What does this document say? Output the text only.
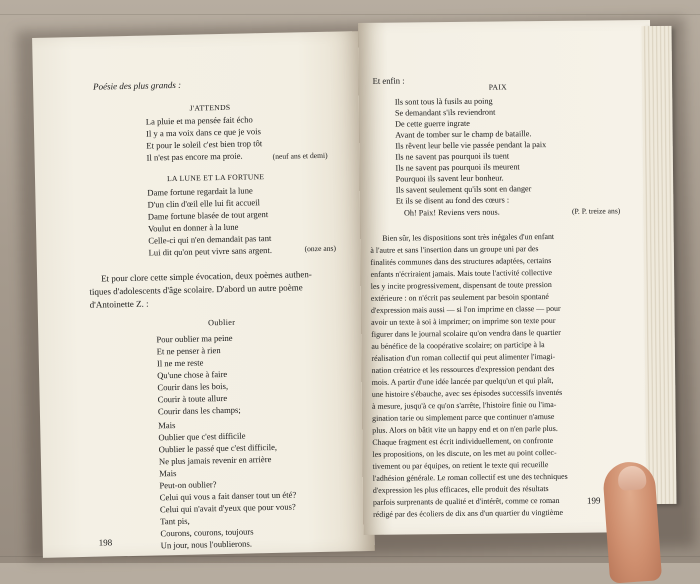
Poésie des plus grands :
J'ATTENDS
La pluie et ma pensée fait écho
Il y a ma voix dans ce que je vois
Et pour le soleil c'est bien trop tôt
Il n'est pas encore ma proie.	(neuf ans et demi)
LA LUNE ET LA FORTUNE
Dame fortune regardait la lune
D'un clin d'œil elle lui fit accueil
Dame fortune blasée de tout argent
Voulut en donner à la lune
Celle-ci qui n'en demandait pas tant
Lui dit qu'on peut vivre sans argent.	(onze ans)
Et pour clore cette simple évocation, deux poèmes authen-
tiques d'adolescents d'âge scolaire. D'abord un autre poème
d'Antoinette Z. :
Oublier
Pour oublier ma peine
Et ne penser à rien
Il ne me reste
Qu'une chose à faire
Courir dans les bois,
Courir à toute allure
Courir dans les champs;
Mais
Oublier que c'est difficile
Oublier le passé que c'est difficile,
Ne plus jamais revenir en arrière
Mais
Peut-on oublier?
Celui qui vous a fait danser tout un été?
Celui qui n'avait d'yeux que pour vous?
Tant pis,
Courons, courons, toujours
Un jour, nous l'oublierons.
198
Et enfin :
PAIX
Ils sont tous là fusils au poing
Se demandant s'ils reviendront
De cette guerre ingrate
Avant de tomber sur le champ de bataille.
Ils rêvent leur belle vie passée pendant la paix
Ils ne savent pas pourquoi ils tuent
Ils ne savent pas pourquoi ils meurent
Pourquoi ils savent leur bonheur.
Ils savent seulement qu'ils sont en danger
Et ils se disent au fond des cœurs :
Oh! Paix! Reviens vers nous.	(P. P. treize ans)
Bien sûr, les dispositions sont très inégales d'un enfant
à l'autre et sans l'insertion dans un groupe uni par des
finalités communes dans des structures adaptées, certains
enfants n'écriraient jamais. Mais toute l'activité collective
les y incite progressivement, dispensant de toute pression
extérieure : on n'écrit pas seulement par besoin spontané
d'expression mais aussi — si l'on imprime en classe — pour
avoir un texte à soi à imprimer; on imprime son texte pour
figurer dans le journal scolaire qu'on vendra dans le quartier
au bénéfice de la coopérative scolaire; on participe à la
réalisation d'un roman collectif qui peut alimenter l'imagi-
nation créatrice et les ressources d'expression pendant des
mois. A partir d'une idée lancée par quelqu'un et qui plaît,
une histoire s'ébauche, avec ses épisodes successifs inventés
à mesure, jusqu'à ce qu'on s'arrête, l'histoire finie ou l'ima-
gination tarie ou simplement parce que continuer n'amuse
plus. Alors on bâtit vite un happy end et on n'en parle plus.
Chaque fragment est écrit individuellement, on confronte
les propositions, on les discute, on les met au point collec-
tivement ou par équipes, on retient le texte qui recueille
l'adhésion générale. Le roman collectif est une des techniques
d'expression les plus efficaces, elle produit des résultats
parfois surprenants de qualité et d'intérêt, comme ce roman
rédigé par des écoliers de dix ans d'un quartier du vingtième
199
